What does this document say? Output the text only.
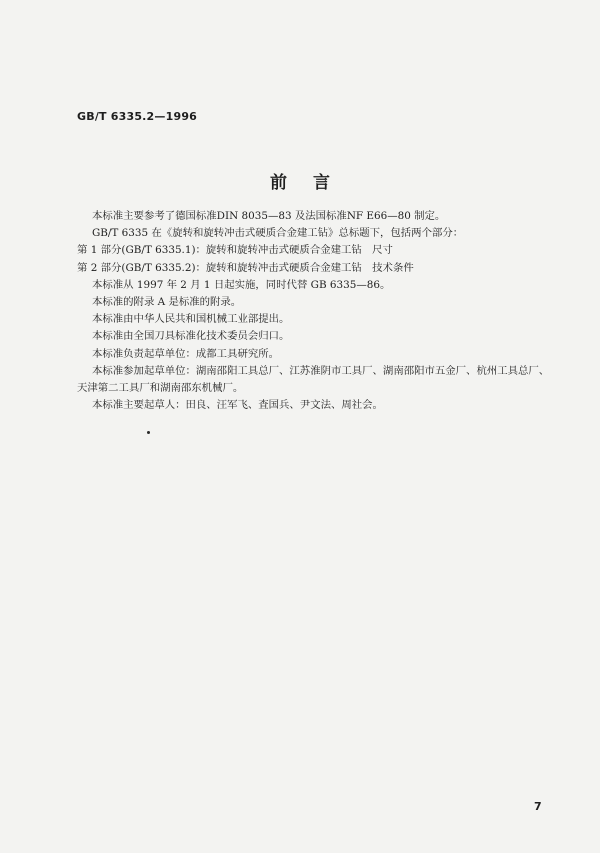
GB/T 6335.2—1996
前言
本标准主要参考了德国标准DIN 8035—83 及法国标准NF E66—80 制定。
GB/T 6335 在《旋转和旋转冲击式硬质合金建工钻》总标题下，包括两个部分：
第 1 部分(GB/T 6335.1)：旋转和旋转冲击式硬质合金建工钻　尺寸
第 2 部分(GB/T 6335.2)：旋转和旋转冲击式硬质合金建工钻　技术条件
本标准从 1997 年 2 月 1 日起实施，同时代替 GB 6335—86。
本标准的附录 A 是标准的附录。
本标准由中华人民共和国机械工业部提出。
本标准由全国刀具标准化技术委员会归口。
本标准负责起草单位：成都工具研究所。
本标准参加起草单位：湖南邵阳工具总厂、江苏淮阴市工具厂、湖南邵阳市五金厂、杭州工具总厂、
天津第二工具厂和湖南邵东机械厂。
本标准主要起草人：田良、汪军飞、査国兵、尹文法、周社会。
7
